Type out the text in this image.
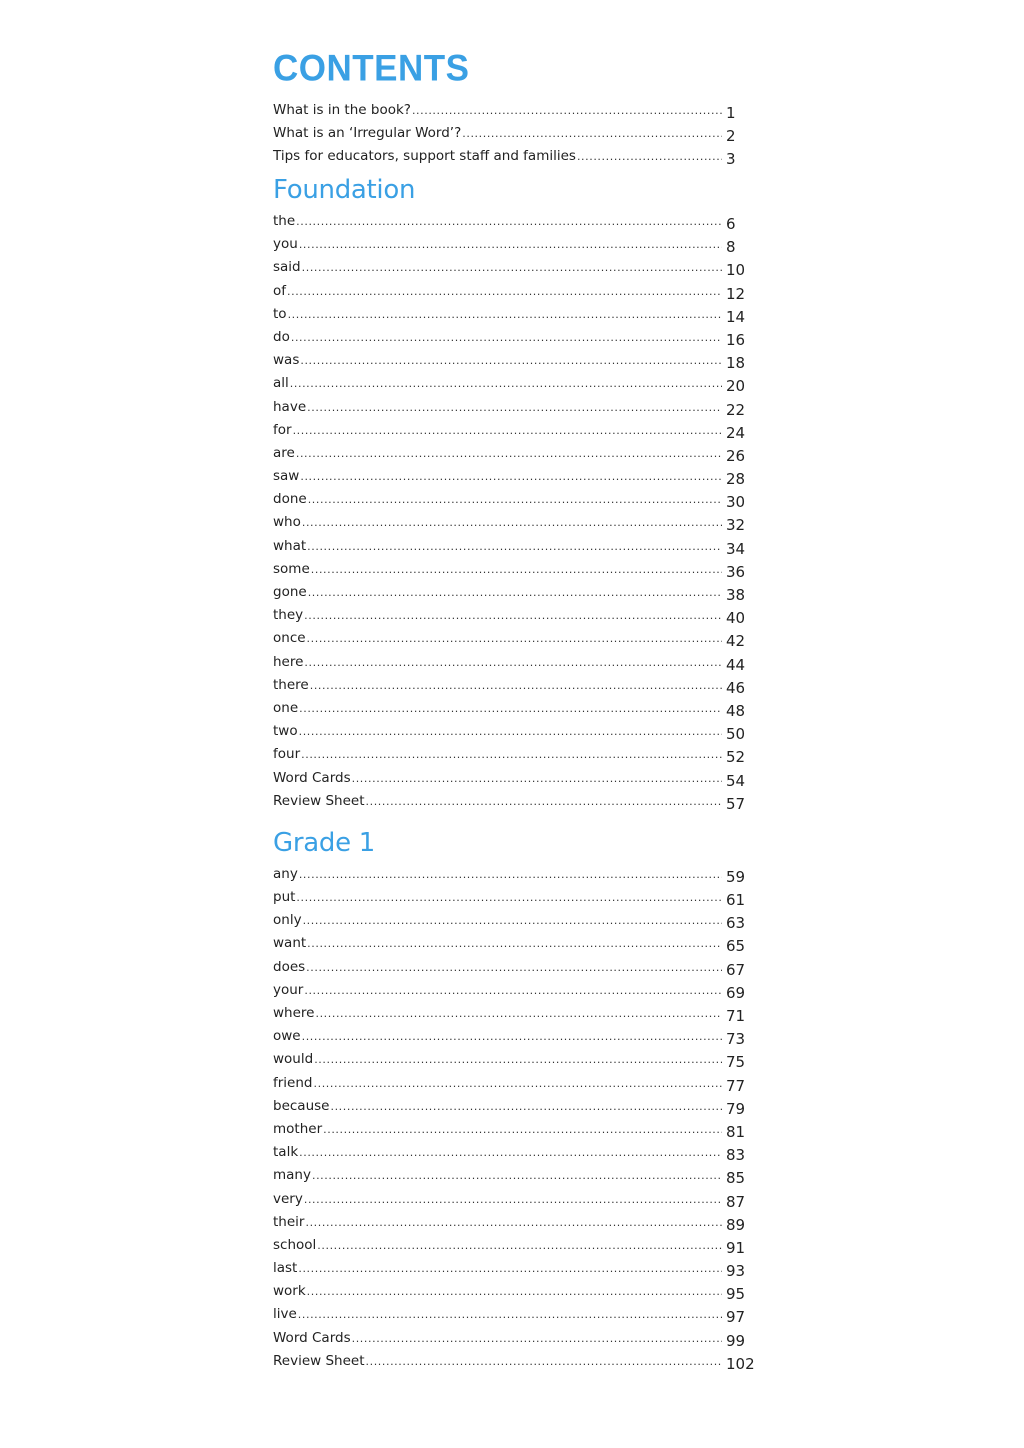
CONTENTS
What is in the book? .....	1
What is an ‘Irregular Word’? .....	2
Tips for educators, support staff and families .....	3
Foundation
the .....	6
you .....	8
said .....	10
of .....	12
to .....	14
do .....	16
was .....	18
all .....	20
have .....	22
for .....	24
are .....	26
saw .....	28
done .....	30
who .....	32
what .....	34
some .....	36
gone .....	38
they .....	40
once .....	42
here .....	44
there .....	46
one .....	48
two .....	50
four .....	52
Word Cards .....	54
Review Sheet .....	57
Grade 1
any .....	59
put .....	61
only .....	63
want .....	65
does .....	67
your .....	69
where .....	71
owe .....	73
would .....	75
friend .....	77
because .....	79
mother .....	81
talk .....	83
many .....	85
very .....	87
their .....	89
school .....	91
last .....	93
work .....	95
live .....	97
Word Cards .....	99
Review Sheet .....	102
